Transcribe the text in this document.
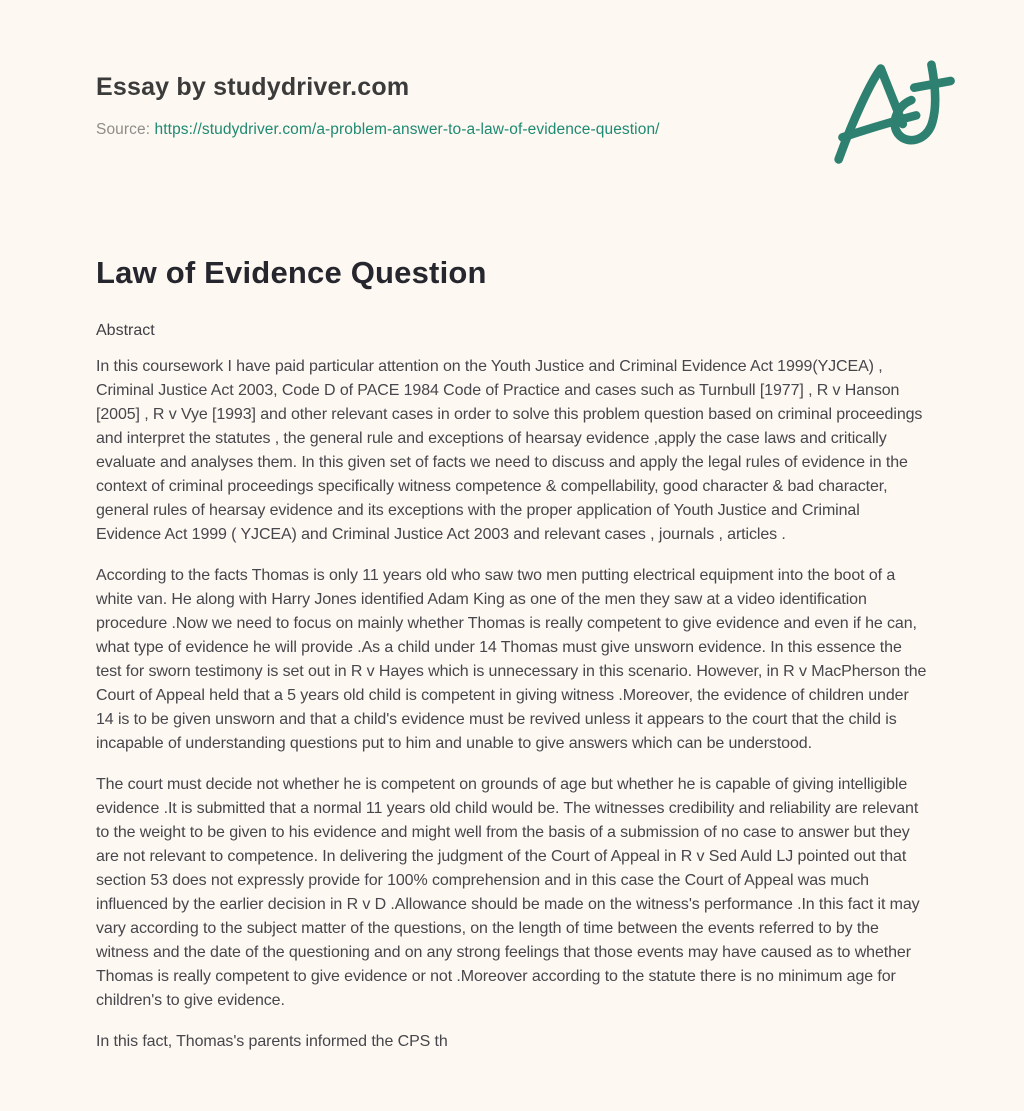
Essay by studydriver.com

Source: https://studydriver.com/a-problem-answer-to-a-law-of-evidence-question/

Law of Evidence Question
Abstract

In this coursework I have paid particular attention on the Youth Justice and Criminal Evidence Act 1999(YJCEA) , Criminal Justice Act 2003, Code D of PACE 1984 Code of Practice and cases such as Turnbull [1977] , R v Hanson [2005] , R v Vye [1993] and other relevant cases in order to solve this problem question based on criminal proceedings and interpret the statutes , the general rule and exceptions of hearsay evidence ,apply the case laws and critically evaluate and analyses them. In this given set of facts we need to discuss and apply the legal rules of evidence in the context of criminal proceedings specifically witness competence & compellability, good character & bad character, general rules of hearsay evidence and its exceptions with the proper application of Youth Justice and Criminal Evidence Act 1999 ( YJCEA) and Criminal Justice Act 2003 and relevant cases , journals , articles .

According to the facts Thomas is only 11 years old who saw two men putting electrical equipment into the boot of a white van. He along with Harry Jones identified Adam King as one of the men they saw at a video identification procedure .Now we need to focus on mainly whether Thomas is really competent to give evidence and even if he can, what type of evidence he will provide .As a child under 14 Thomas must give unsworn evidence. In this essence the test for sworn testimony is set out in R v Hayes which is unnecessary in this scenario. However, in R v MacPherson the Court of Appeal held that a 5 years old child is competent in giving witness .Moreover, the evidence of children under 14 is to be given unsworn and that a child's evidence must be revived unless it appears to the court that the child is incapable of understanding questions put to him and unable to give answers which can be understood.

The court must decide not whether he is competent on grounds of age but whether he is capable of giving intelligible evidence .It is submitted that a normal 11 years old child would be. The witnesses credibility and reliability are relevant to the weight to be given to his evidence and might well from the basis of a submission of no case to answer but they are not relevant to competence. In delivering the judgment of the Court of Appeal in R v Sed Auld LJ pointed out that section 53 does not expressly provide for 100% comprehension and in this case the Court of Appeal was much influenced by the earlier decision in R v D .Allowance should be made on the witness's performance .In this fact it may vary according to the subject matter of the questions, on the length of time between the events referred to by the witness and the date of the questioning and on any strong feelings that those events may have caused as to whether Thomas is really competent to give evidence or not .Moreover according to the statute there is no minimum age for children's to give evidence.

In this fact, Thomas's parents informed the CPS th
